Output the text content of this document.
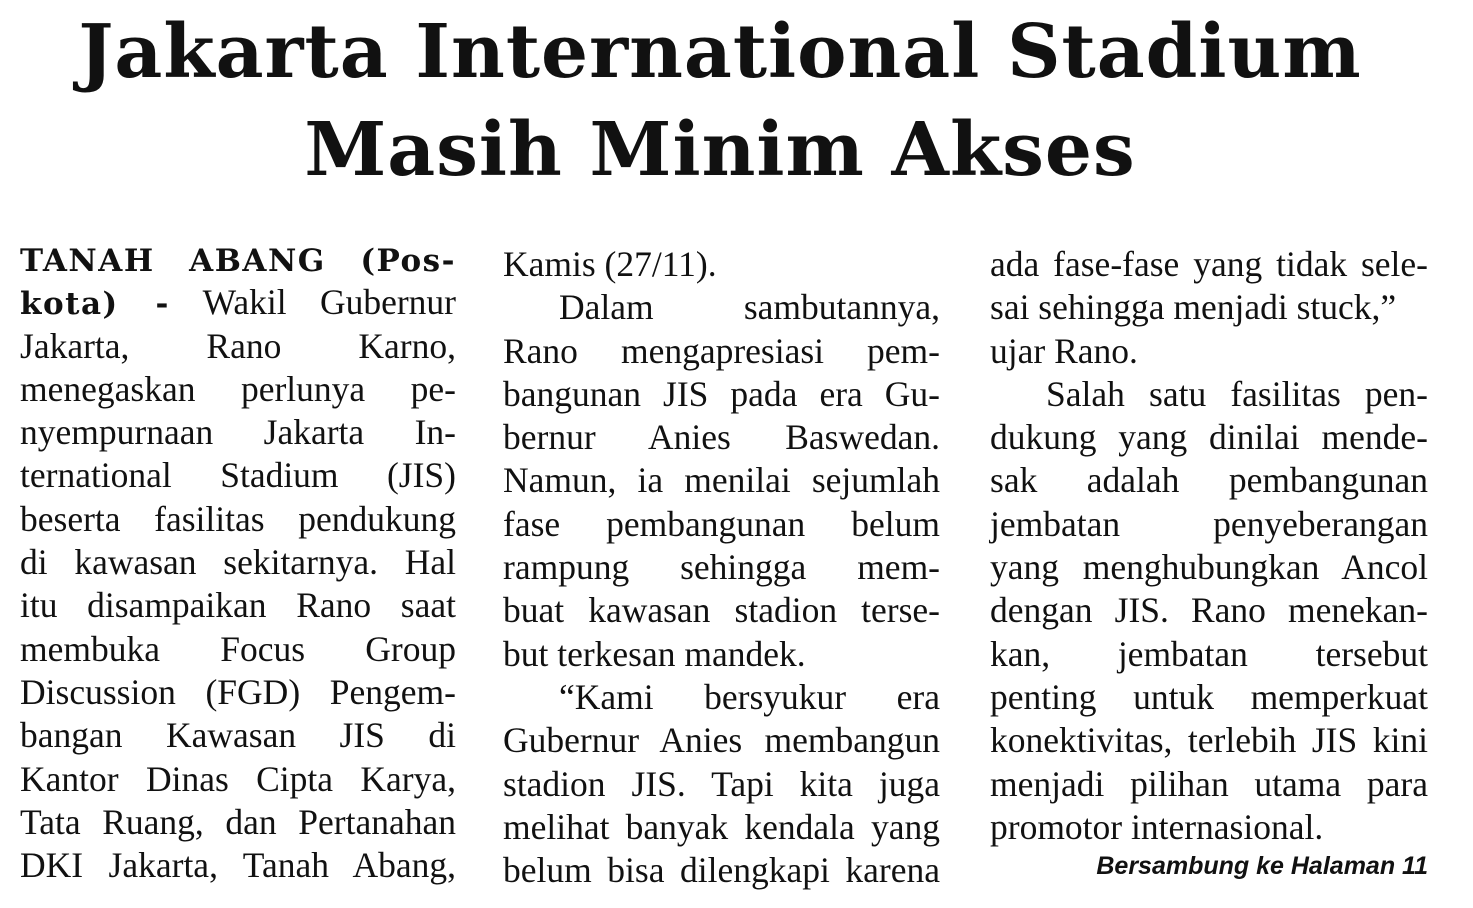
Jakarta International Stadium
Masih Minim Akses
TANAH ABANG (Pos-
kota) - Wakil Gubernur
Jakarta, Rano Karno,
menegaskan perlunya pe-
nyempurnaan Jakarta In-
ternational Stadium (JIS)
beserta fasilitas pendukung
di kawasan sekitarnya. Hal
itu disampaikan Rano saat
membuka Focus Group
Discussion (FGD) Pengem-
bangan Kawasan JIS di
Kantor Dinas Cipta Karya,
Tata Ruang, dan Pertanahan
DKI Jakarta, Tanah Abang,
Kamis (27/11).
Dalam sambutannya,
Rano mengapresiasi pem-
bangunan JIS pada era Gu-
bernur Anies Baswedan.
Namun, ia menilai sejumlah
fase pembangunan belum
rampung sehingga mem-
buat kawasan stadion terse-
but terkesan mandek.
“Kami bersyukur era
Gubernur Anies membangun
stadion JIS. Tapi kita juga
melihat banyak kendala yang
belum bisa dilengkapi karena
ada fase-fase yang tidak sele-
sai sehingga menjadi stuck,”
ujar Rano.
Salah satu fasilitas pen-
dukung yang dinilai mende-
sak adalah pembangunan
jembatan penyeberangan
yang menghubungkan Ancol
dengan JIS. Rano menekan-
kan, jembatan tersebut
penting untuk memperkuat
konektivitas, terlebih JIS kini
menjadi pilihan utama para
promotor internasional.
Bersambung ke Halaman 11
